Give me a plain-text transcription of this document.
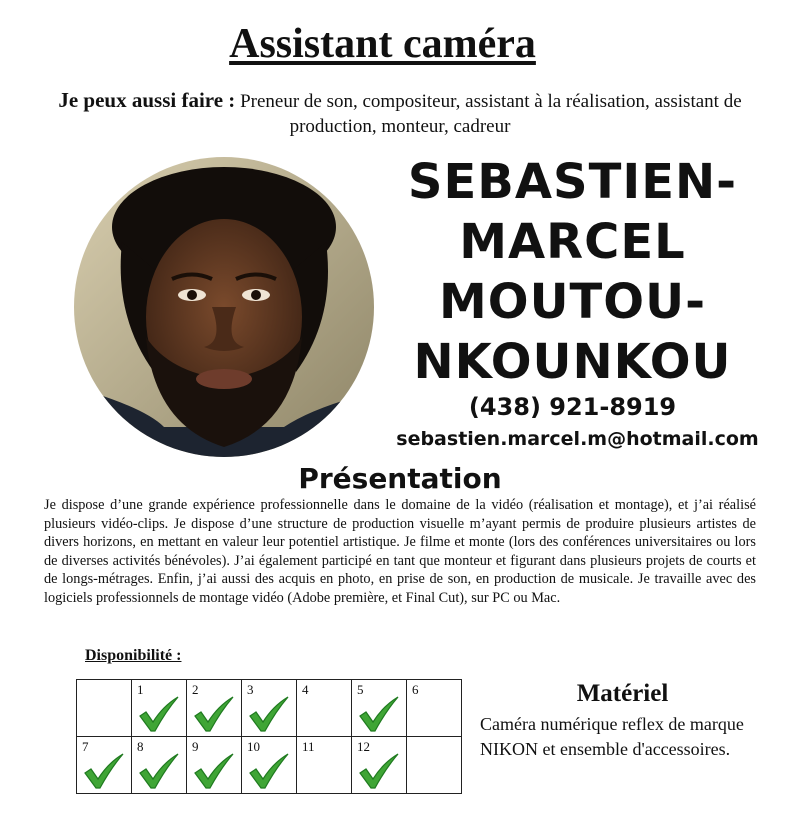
Assistant caméra
Je peux aussi faire : Preneur de son, compositeur, assistant à la réalisation, assistant de production, monteur, cadreur
SEBASTIEN-
MARCEL
MOUTOU-
NKOUNKOU
(438) 921-8919
sebastien.marcel.m@hotmail.com
Présentation
Je dispose d’une grande expérience professionnelle dans le domaine de la vidéo (réalisation et montage), et j’ai réalisé plusieurs vidéo-clips. Je dispose d’une structure de production visuelle m’ayant permis de produire plusieurs artistes de divers horizons, en mettant en valeur leur potentiel artistique. Je filme et monte (lors des conférences universitaires ou lors de diverses activités bénévoles). J’ai également participé en tant que monteur et figurant dans plusieurs projets de courts et de longs-métrages. Enfin, j’ai aussi des acquis en photo, en prise de son, en production de musicale. Je travaille avec des logiciels professionnels de montage vidéo (Adobe première, et Final Cut), sur PC ou Mac.
Disponibilité :

	1	2	3	4	5	6

7	8	9	10	11	12	

Matériel
Caméra numérique reflex de marque NIKON et ensemble d'accessoires.
